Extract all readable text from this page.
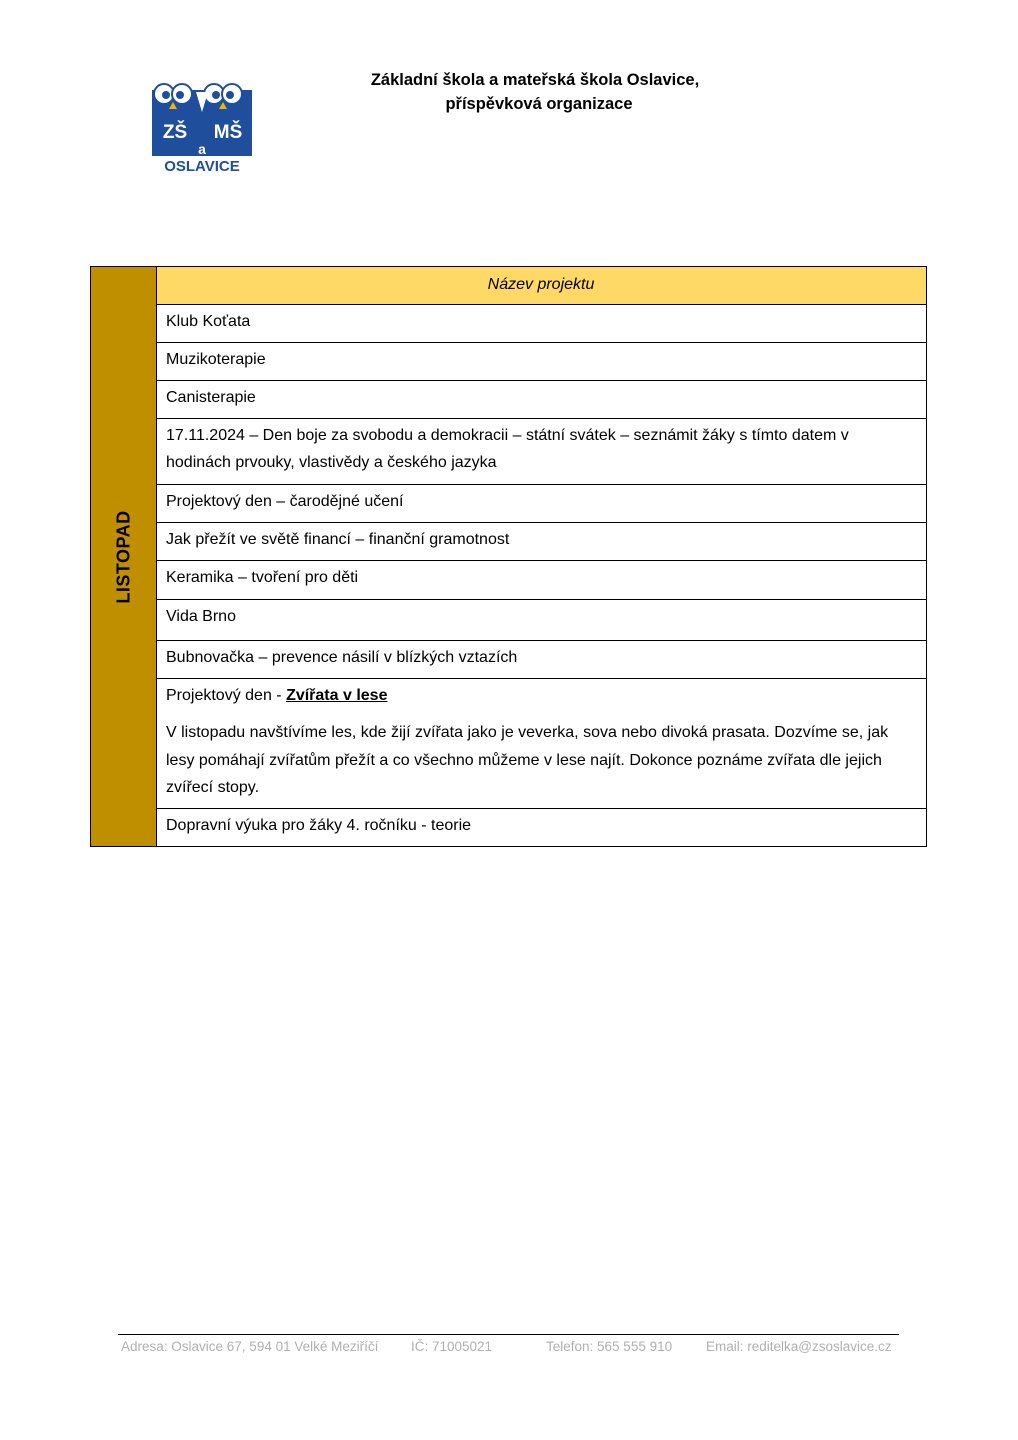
ZŠ MŠ
a
OSLAVICE
Základní škola a mateřská škola Oslavice,
příspěvková organizace
LISTOPAD
Název projektu
Klub Koťata
Muzikoterapie
Canisterapie
17.11.2024 – Den boje za svobodu a demokracii – státní svátek – seznámit žáky s tímto datem v hodinách prvouky, vlastivědy a českého jazyka
Projektový den – čarodějné učení
Jak přežít ve světě financí – finanční gramotnost
Keramika – tvoření pro děti
Vida Brno
Bubnovačka – prevence násilí v blízkých vztazích
Projektový den - Zvířata v lese
V listopadu navštívíme les, kde žijí zvířata jako je veverka, sova nebo divoká prasata. Dozvíme se, jak lesy pomáhají zvířatům přežít a co všechno můžeme v lese najít. Dokonce poznáme zvířata dle jejich zvířecí stopy.
Dopravní výuka pro žáky 4. ročníku - teorie
Adresa: Oslavice 67, 594 01 Velké Meziříčí IČ: 71005021	Telefon: 565 555 910	Email: reditelka@zsoslavice.cz
